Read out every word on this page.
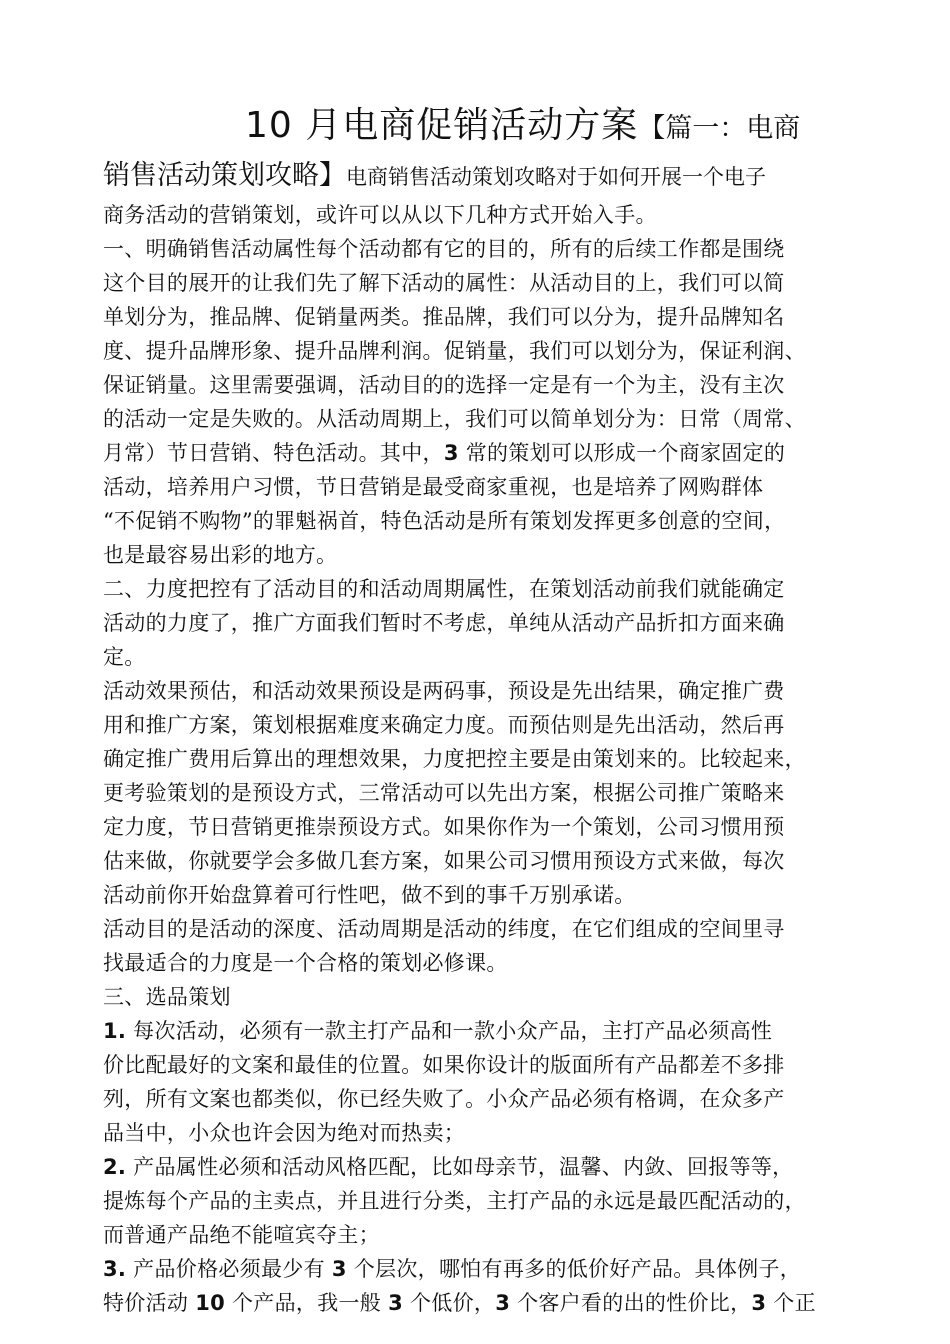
10 月电商促销活动方案【篇一：电商
销售活动策划攻略】电商销售活动策划攻略对于如何开展一个电子
商务活动的营销策划，或许可以从以下几种方式开始入手。
一、明确销售活动属性每个活动都有它的目的，所有的后续工作都是围绕
这个目的展开的让我们先了解下活动的属性：从活动目的上，我们可以简
单划分为，推品牌、促销量两类。推品牌，我们可以分为，提升品牌知名
度、提升品牌形象、提升品牌利润。促销量，我们可以划分为，保证利润、
保证销量。这里需要强调，活动目的的选择一定是有一个为主，没有主次
的活动一定是失败的。从活动周期上，我们可以简单划分为：日常（周常、
月常）节日营销、特色活动。其中，3 常的策划可以形成一个商家固定的
活动，培养用户习惯，节日营销是最受商家重视，也是培养了网购群体
“不促销不购物”的罪魁祸首，特色活动是所有策划发挥更多创意的空间，
也是最容易出彩的地方。
二、力度把控有了活动目的和活动周期属性，在策划活动前我们就能确定
活动的力度了，推广方面我们暂时不考虑，单纯从活动产品折扣方面来确
定。
活动效果预估，和活动效果预设是两码事，预设是先出结果，确定推广费
用和推广方案，策划根据难度来确定力度。而预估则是先出活动，然后再
确定推广费用后算出的理想效果，力度把控主要是由策划来的。比较起来，
更考验策划的是预设方式，三常活动可以先出方案，根据公司推广策略来
定力度，节日营销更推崇预设方式。如果你作为一个策划，公司习惯用预
估来做，你就要学会多做几套方案，如果公司习惯用预设方式来做，每次
活动前你开始盘算着可行性吧，做不到的事千万别承诺。
活动目的是活动的深度、活动周期是活动的纬度，在它们组成的空间里寻
找最适合的力度是一个合格的策划必修课。
三、选品策划
1. 每次活动，必须有一款主打产品和一款小众产品，主打产品必须高性
价比配最好的文案和最佳的位置。如果你设计的版面所有产品都差不多排
列，所有文案也都类似，你已经失败了。小众产品必须有格调，在众多产
品当中，小众也许会因为绝对而热卖；
2. 产品属性必须和活动风格匹配，比如母亲节，温馨、内敛、回报等等，
提炼每个产品的主卖点，并且进行分类，主打产品的永远是最匹配活动的，
而普通产品绝不能喧宾夺主；
3. 产品价格必须最少有 3 个层次，哪怕有再多的低价好产品。具体例子，
特价活动 10 个产品，我一般 3 个低价，3 个客户看的出的性价比，3 个正
